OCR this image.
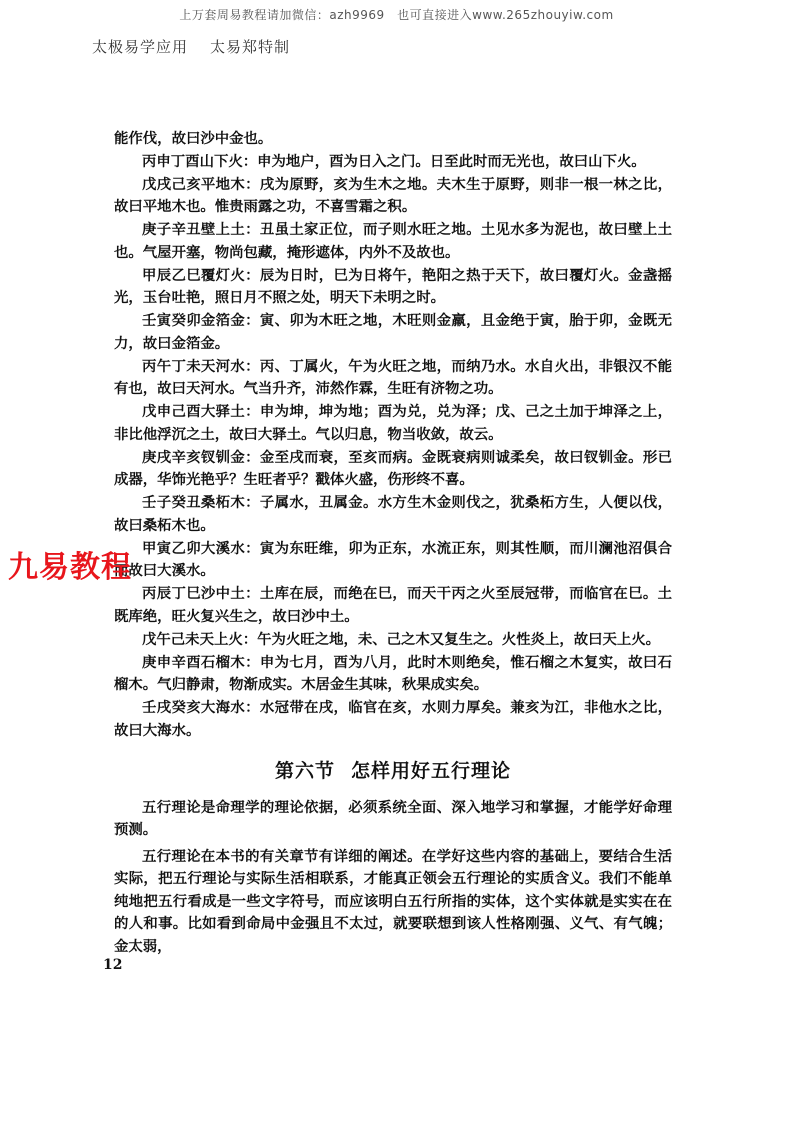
上万套周易教程请加微信：azh9969　也可直接进入www.265zhouyiw.com
太极易学应用 太易郑特制

能作伐，故曰沙中金也。

丙申丁酉山下火：申为地户，酉为日入之门。日至此时而无光也，故曰山下火。

戊戌己亥平地木：戌为原野，亥为生木之地。夫木生于原野，则非一根一林之比，故曰平地木也。惟贵雨露之功，不喜雪霜之积。

庚子辛丑壁上土：丑虽土家正位，而子则水旺之地。土见水多为泥也，故曰壁上土也。气屋开塞，物尚包藏，掩形遮体，内外不及故也。

甲辰乙巳覆灯火：辰为日时，巳为日将午，艳阳之热于天下，故曰覆灯火。金盏摇光，玉台吐艳，照日月不照之处，明天下未明之时。

壬寅癸卯金箔金：寅、卯为木旺之地，木旺则金羸，且金绝于寅，胎于卯，金既无力，故曰金箔金。

丙午丁未天河水：丙、丁属火，午为火旺之地，而纳乃水。水自火出，非银汉不能有也，故曰天河水。气当升齐，沛然作霖，生旺有济物之功。

戊申己酉大驿土：申为坤，坤为地；酉为兑，兑为泽；戊、己之土加于坤泽之上，非比他浮沉之土，故曰大驿土。气以归息，物当收敛，故云。

庚戌辛亥钗钏金：金至戌而衰，至亥而病。金既衰病则诚柔矣，故曰钗钏金。形已成器，华饰光艳乎？生旺者乎？戳体火盛，伤形终不喜。

壬子癸丑桑柘木：子属水，丑属金。水方生木金则伐之，犹桑柘方生，人便以伐，故曰桑柘木也。

甲寅乙卯大溪水：寅为东旺维，卯为正东，水流正东，则其性顺，而川澜池沼俱合而故曰大溪水。

丙辰丁巳沙中土：土库在辰，而绝在巳，而天干丙之火至辰冠带，而临官在巳。土既库绝，旺火复兴生之，故曰沙中土。

戊午己未天上火：午为火旺之地，未、己之木又复生之。火性炎上，故曰天上火。

庚申辛酉石榴木：申为七月，酉为八月，此时木则绝矣，惟石榴之木复实，故曰石榴木。气归静肃，物渐成实。木居金生其味，秋果成实矣。

壬戌癸亥大海水：水冠带在戌，临官在亥，水则力厚矣。兼亥为江，非他水之比，故曰大海水。

第六节 怎样用好五行理论

五行理论是命理学的理论依据，必须系统全面、深入地学习和掌握，才能学好命理预测。

五行理论在本书的有关章节有详细的阐述。在学好这些内容的基础上，要结合生活实际，把五行理论与实际生活相联系，才能真正领会五行理论的实质含义。我们不能单纯地把五行看成是一些文字符号，而应该明白五行所指的实体，这个实体就是实实在在的人和事。比如看到命局中金强且不太过，就要联想到该人性格刚强、义气、有气魄；金太弱，

九易教程
12
